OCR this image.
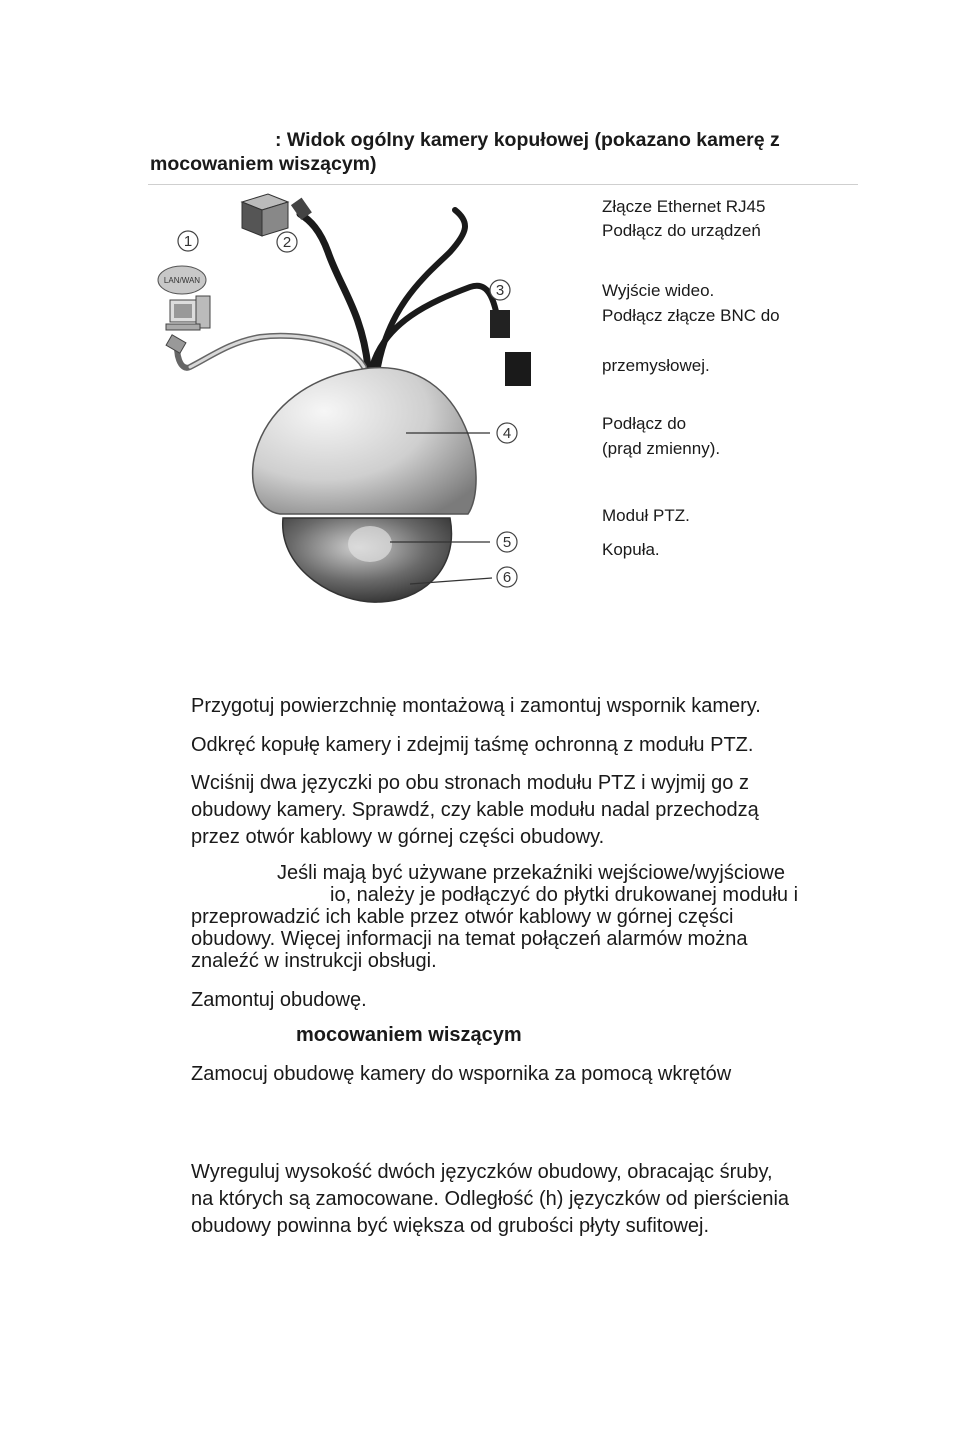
: Widok ogólny kamery kopułowej (pokazano kamerę z
mocowaniem wiszącym)
LAN/WAN
1	2
3
4
5
6
Złącze Ethernet RJ45
Podłącz do urządzeń
Wyjście wideo.
Podłącz złącze BNC do
przemysłowej.
Podłącz do
(prąd zmienny).
Moduł PTZ.
Kopuła.
Przygotuj powierzchnię montażową i zamontuj wspornik kamery.
Odkręć kopułę kamery i zdejmij taśmę ochronną z modułu PTZ.
Wciśnij dwa języczki po obu stronach modułu PTZ i wyjmij go z
obudowy kamery. Sprawdź, czy kable modułu nadal przechodzą
przez otwór kablowy w górnej części obudowy.
Jeśli mają być używane przekaźniki wejściowe/wyjściowe
io, należy je podłączyć do płytki drukowanej modułu i
przeprowadzić ich kable przez otwór kablowy w górnej części
obudowy. Więcej informacji na temat połączeń alarmów można
znaleźć w instrukcji obsługi.
Zamontuj obudowę.
mocowaniem wiszącym
Zamocuj obudowę kamery do wspornika za pomocą wkrętów
Wyreguluj wysokość dwóch języczków obudowy, obracając śruby,
na których są zamocowane. Odległość (h) języczków od pierścienia
obudowy powinna być większa od grubości płyty sufitowej.
